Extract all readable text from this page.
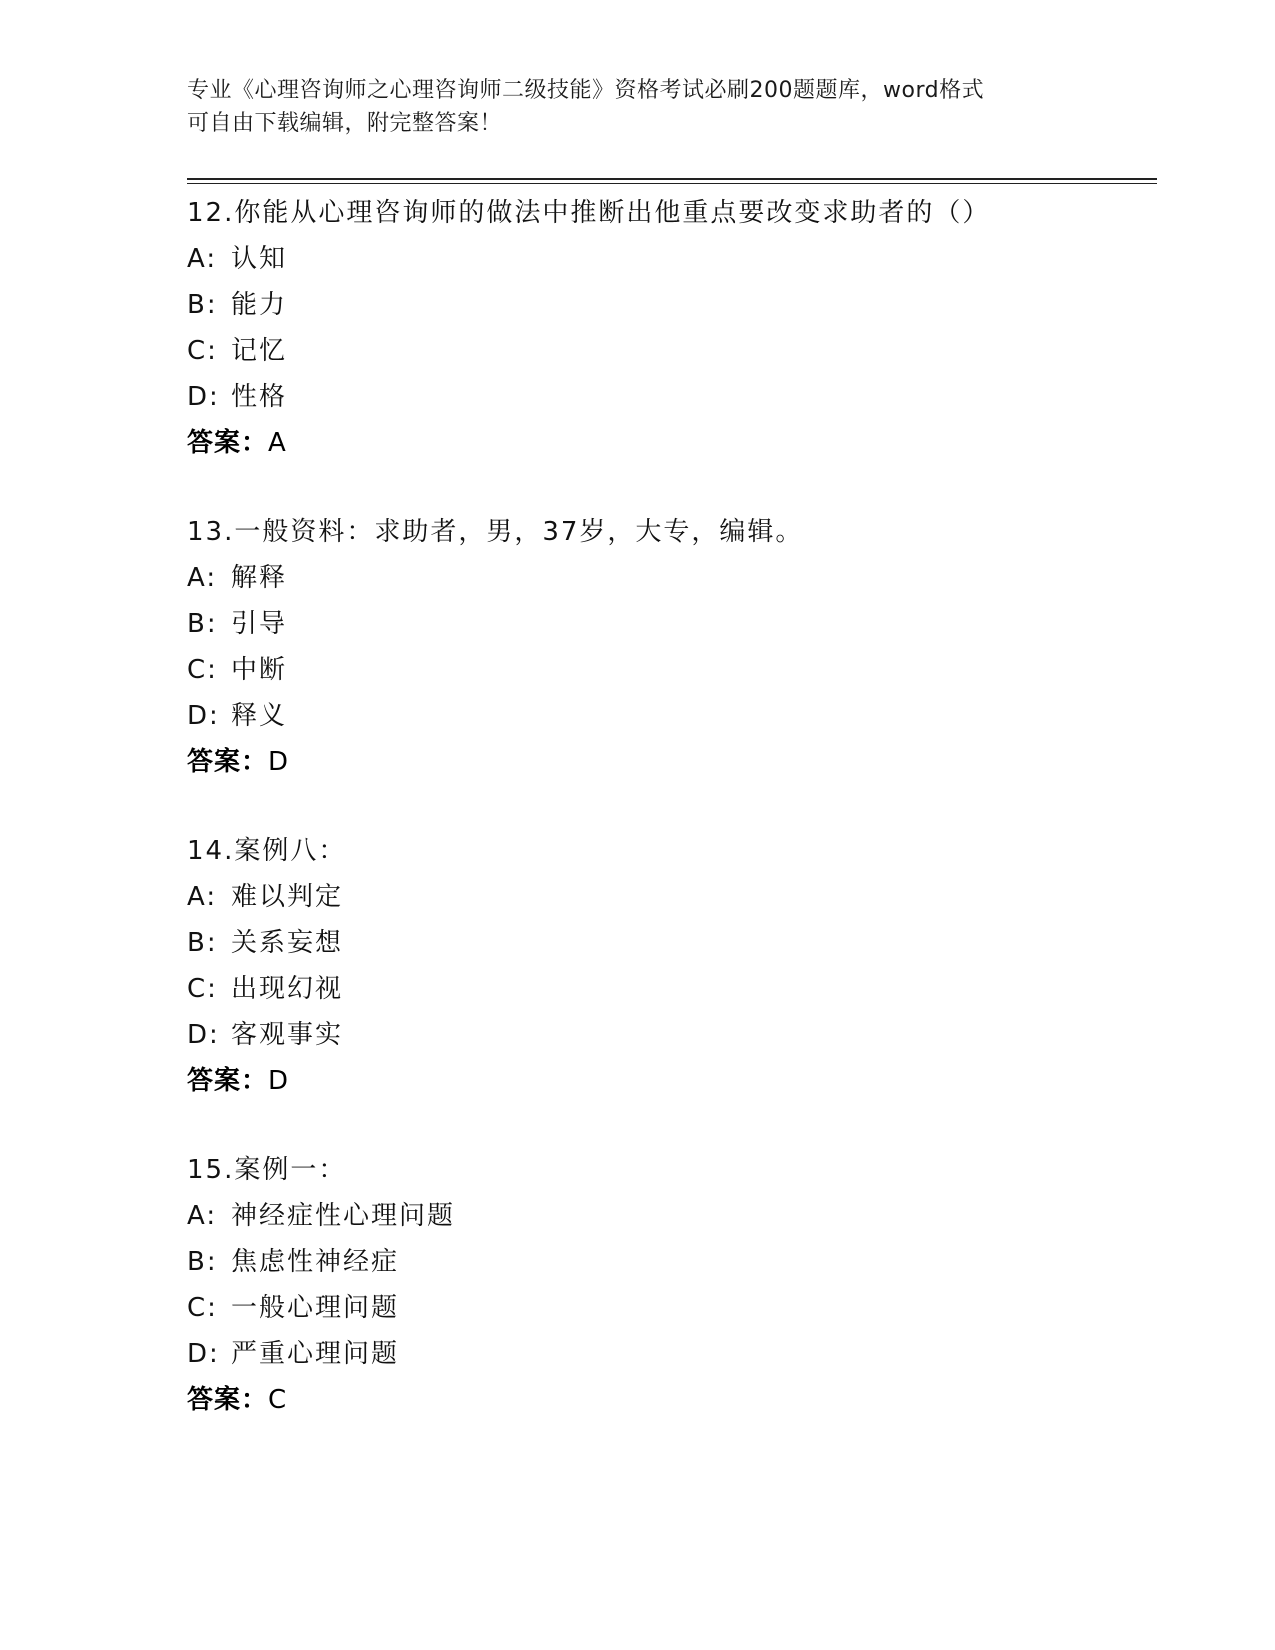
专业《心理咨询师之心理咨询师二级技能》资格考试必刷200题题库，word格式
可自由下载编辑，附完整答案！
12.你能从心理咨询师的做法中推断出他重点要改变求助者的（）
A: 认知
B: 能力
C: 记忆
D: 性格
答案：A
13.一般资料：求助者，男，37岁，大专，编辑。
A: 解释
B: 引导
C: 中断
D: 释义
答案：D
14.案例八：
A: 难以判定
B: 关系妄想
C: 出现幻视
D: 客观事实
答案：D
15.案例一：
A: 神经症性心理问题
B: 焦虑性神经症
C: 一般心理问题
D: 严重心理问题
答案：C
